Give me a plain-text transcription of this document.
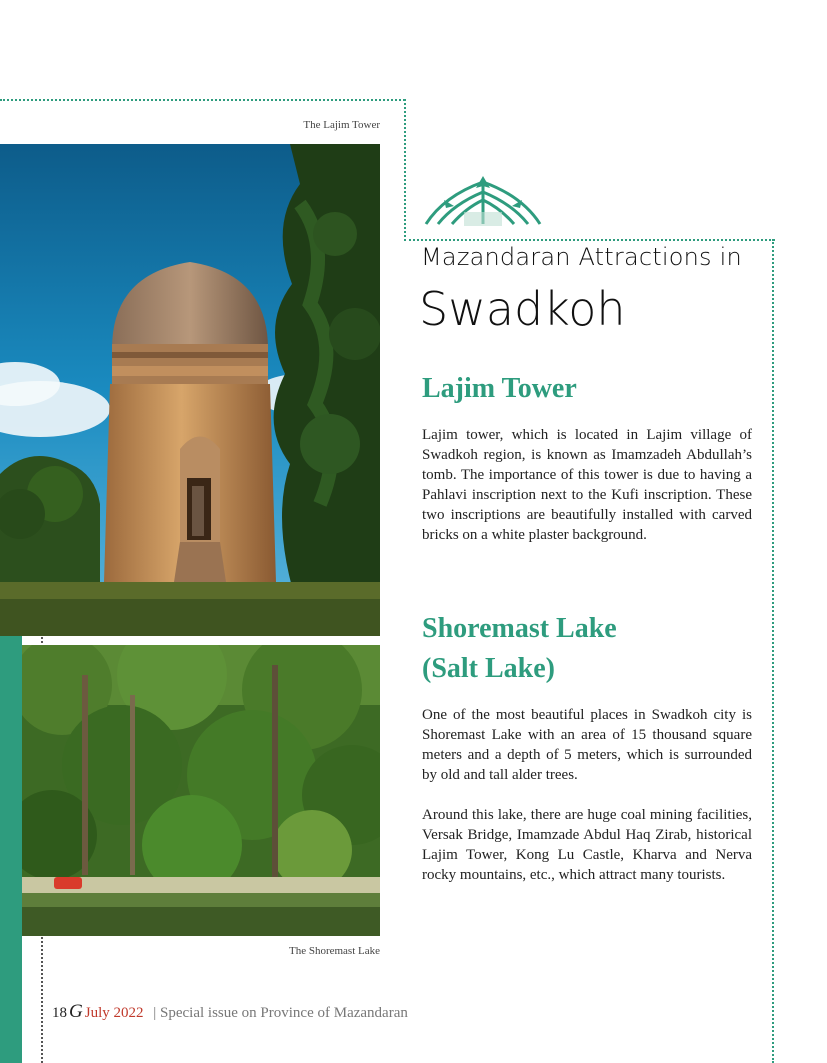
The Lajim Tower
The Shoremast Lake
Mazandaran Attractions in
Swadkoh
Lajim Tower

Lajim tower, which is located in Lajim village of Swadkoh region, is known as Imamzadeh Abdullah’s tomb. The importance of this tower is due to having a Pahlavi inscription next to the Kufi inscription. These two inscriptions are beautifully installed with carved bricks on a white plaster background.

Shoremast Lake
(Salt Lake)

One of the most beautiful places in Swadkoh city is Shoremast Lake with an area of 15 thousand square meters and a depth of 5 meters, which is surrounded by old and tall alder trees.

Around this lake, there are huge coal mining facilities, Versak Bridge, Imamzade Abdul Haq Zirab, historical Lajim Tower, Kong Lu Castle, Kharva and Nerva rocky mountains, etc., which attract many tourists.

18 G July 2022 | Special issue on Province of Mazandaran
